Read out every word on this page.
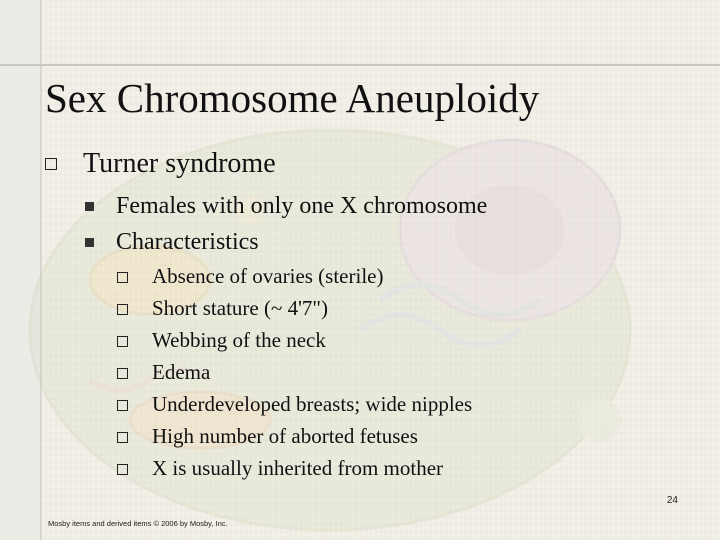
Sex Chromosome Aneuploidy
Turner syndrome
Females with only one X chromosome
Characteristics
Absence of ovaries (sterile)
Short stature (~ 4'7")
Webbing of the neck
Edema
Underdeveloped breasts; wide nipples
High number of aborted fetuses
X is usually inherited from mother
24
Mosby items and derived items © 2006 by Mosby, Inc.
